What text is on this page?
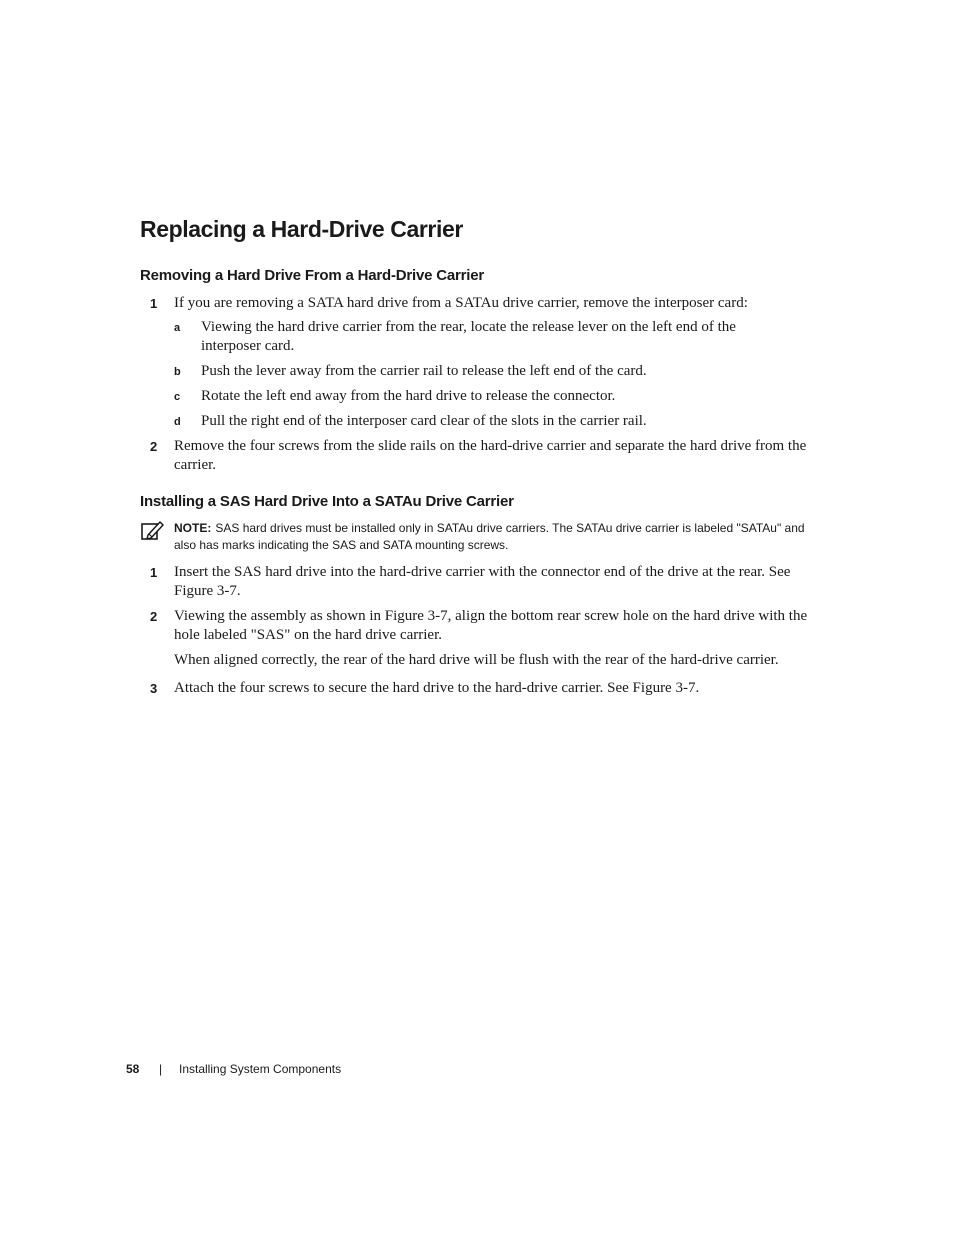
Replacing a Hard-Drive Carrier
Removing a Hard Drive From a Hard-Drive Carrier
1 If you are removing a SATA hard drive from a SATAu drive carrier, remove the interposer card:
a Viewing the hard drive carrier from the rear, locate the release lever on the left end of the interposer card.
b Push the lever away from the carrier rail to release the left end of the card.
c Rotate the left end away from the hard drive to release the connector.
d Pull the right end of the interposer card clear of the slots in the carrier rail.
2 Remove the four screws from the slide rails on the hard-drive carrier and separate the hard drive from the carrier.
Installing a SAS Hard Drive Into a SATAu Drive Carrier
NOTE: SAS hard drives must be installed only in SATAu drive carriers. The SATAu drive carrier is labeled "SATAu" and also has marks indicating the SAS and SATA mounting screws.
1 Insert the SAS hard drive into the hard-drive carrier with the connector end of the drive at the rear. See Figure 3-7.
2 Viewing the assembly as shown in Figure 3-7, align the bottom rear screw hole on the hard drive with the hole labeled "SAS" on the hard drive carrier.
When aligned correctly, the rear of the hard drive will be flush with the rear of the hard-drive carrier.
3 Attach the four screws to secure the hard drive to the hard-drive carrier. See Figure 3-7.
58 | Installing System Components
